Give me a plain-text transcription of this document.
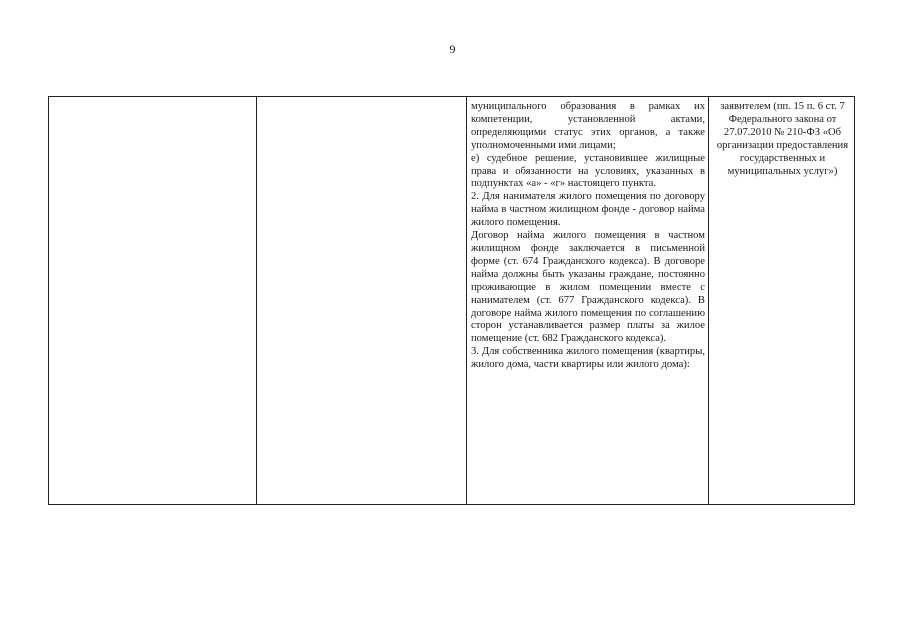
9

муниципального образования в рамках их компетенции, установленной актами, определяющими статус этих органов, а также уполномоченными ими лицами;

е) судебное решение, установившее жилищные права и обязанности на условиях, указанных в подпунктах «а» - «г» настоящего пункта.

2. Для нанимателя жилого помещения по договору найма в частном жилищном фонде - договор найма жилого помещения.

Договор найма жилого помещения в частном жилищном фонде заключается в письменной форме (ст. 674 Гражданского кодекса). В договоре найма должны быть указаны граждане, постоянно проживающие в жилом помещении вместе с нанимателем (ст. 677 Гражданского кодекса). В договоре найма жилого помещения по соглашению сторон устанавливается размер платы за жилое помещение (ст. 682 Гражданского кодекса).

3. Для собственника жилого помещения (квартиры, жилого дома, части квартиры или жилого дома):

заявителем (пп. 15 п. 6 ст. 7 Федерального закона от 27.07.2010 № 210-ФЗ «Об организации предоставления государственных и муниципальных услуг»)
